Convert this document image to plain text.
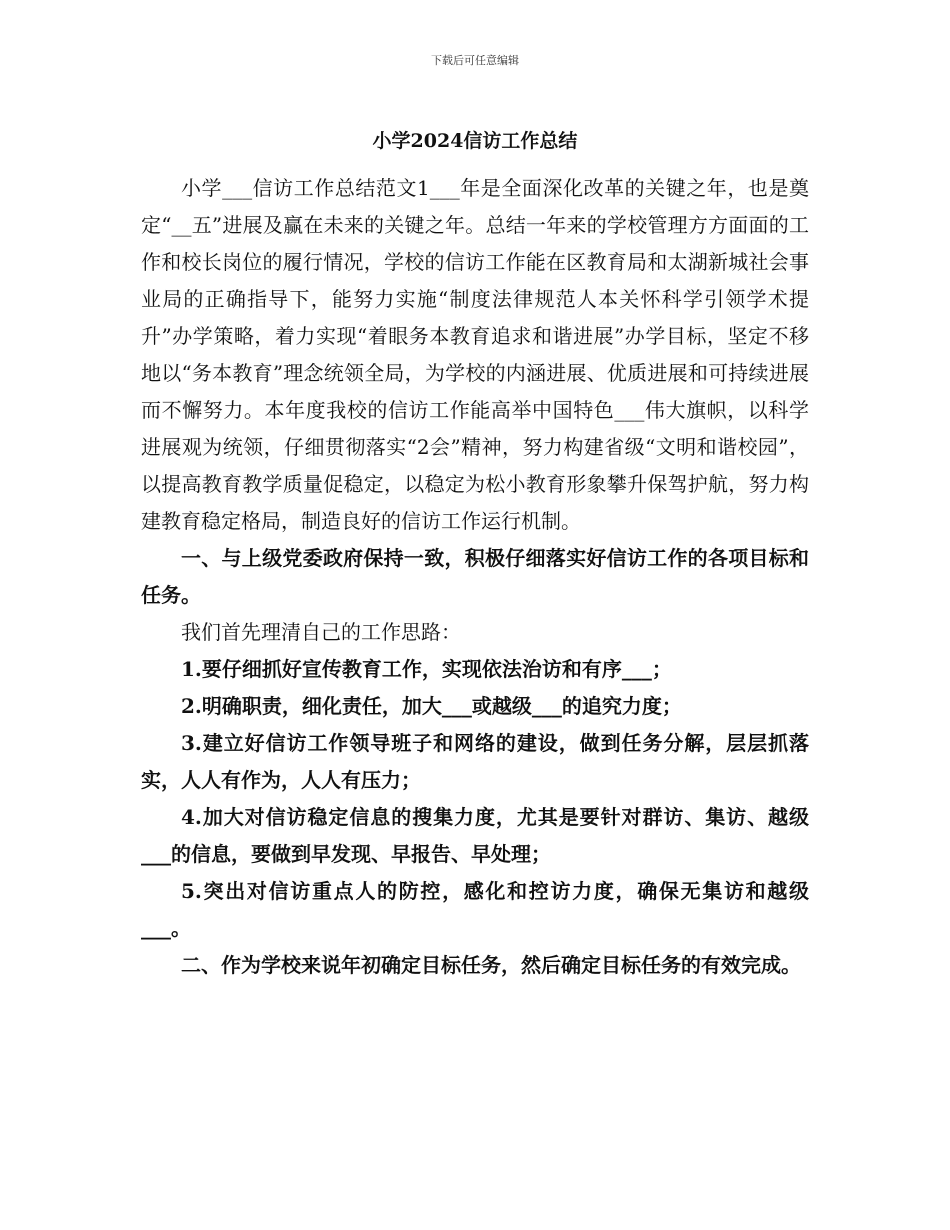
下载后可任意编辑
小学2024信访工作总结

小学___信访工作总结范文1___年是全面深化改革的关键之年，也是奠定“__五”进展及赢在未来的关键之年。总结一年来的学校管理方方面面的工作和校长岗位的履行情况，学校的信访工作能在区教育局和太湖新城社会事业局的正确指导下，能努力实施“制度法律规范人本关怀科学引领学术提升”办学策略，着力实现“着眼务本教育追求和谐进展”办学目标，坚定不移地以“务本教育”理念统领全局，为学校的内涵进展、优质进展和可持续进展而不懈努力。本年度我校的信访工作能高举中国特色___伟大旗帜，以科学进展观为统领，仔细贯彻落实“2会”精神，努力构建省级“文明和谐校园”，以提高教育教学质量促稳定，以稳定为松小教育形象攀升保驾护航，努力构建教育稳定格局，制造良好的信访工作运行机制。

一、与上级党委政府保持一致，积极仔细落实好信访工作的各项目标和任务。

我们首先理清自己的工作思路：

1.要仔细抓好宣传教育工作，实现依法治访和有序___；

2.明确职责，细化责任，加大___或越级___的追究力度；

3.建立好信访工作领导班子和网络的建设，做到任务分解，层层抓落实，人人有作为，人人有压力；

4.加大对信访稳定信息的搜集力度，尤其是要针对群访、集访、越级___的信息，要做到早发现、早报告、早处理；

5.突出对信访重点人的防控，感化和控访力度，确保无集访和越级___。

二、作为学校来说年初确定目标任务，然后确定目标任务的有效完成。
